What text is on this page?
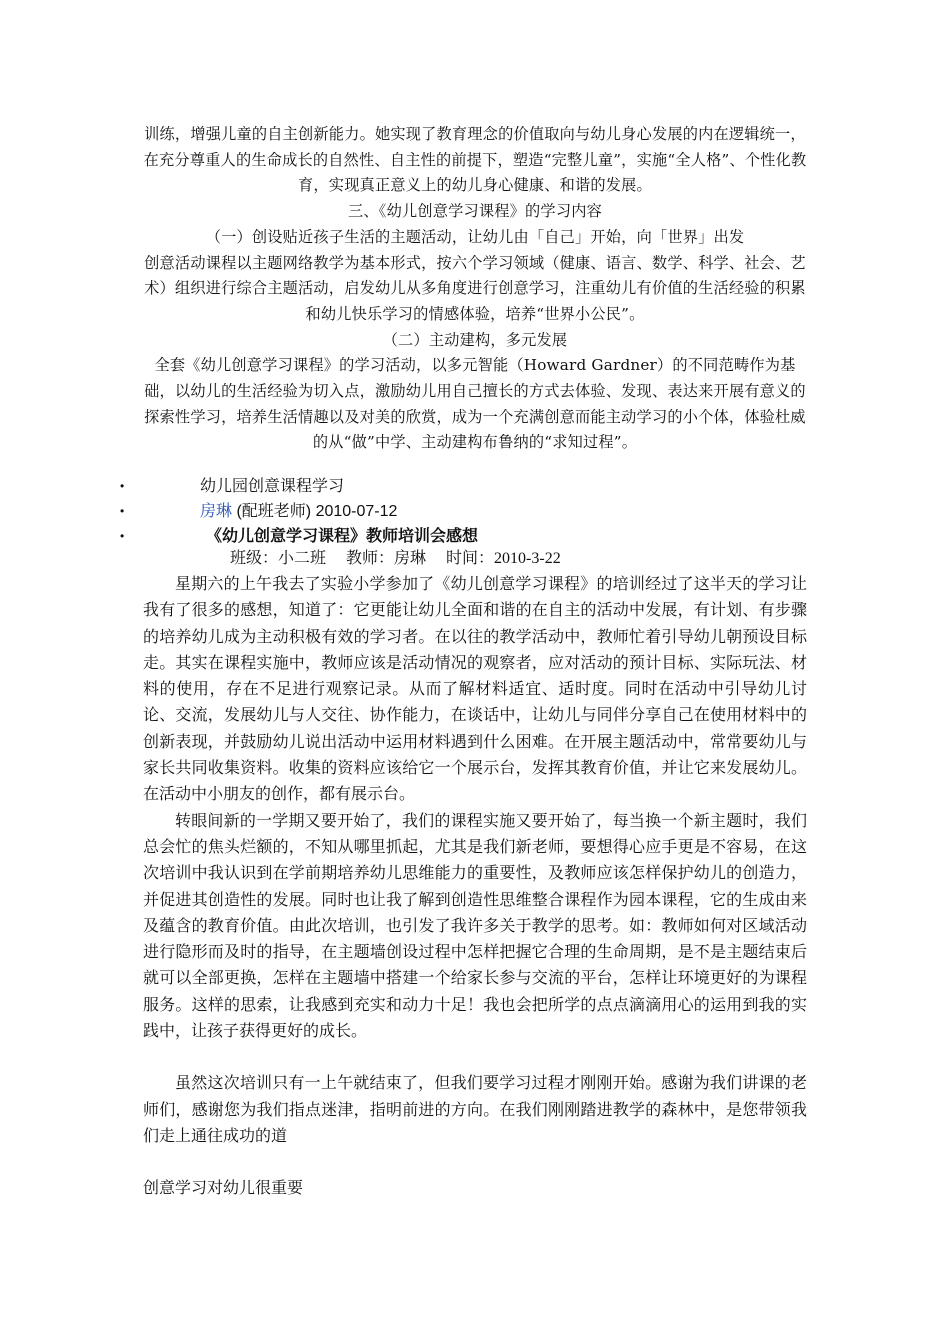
训练，增强儿童的自主创新能力。她实现了教育理念的价值取向与幼儿身心发展的内在逻辑统一，在充分尊重人的生命成长的自然性、自主性的前提下，塑造“完整儿童”，实施“全人格”、个性化教育，实现真正意义上的幼儿身心健康、和谐的发展。

三、《幼儿创意学习课程》的学习内容

（一）创设贴近孩子生活的主题活动，让幼儿由「自己」开始，向「世界」出发

创意活动课程以主题网络教学为基本形式，按六个学习领域（健康、语言、数学、科学、社会、艺术）组织进行综合主题活动，启发幼儿从多角度进行创意学习，注重幼儿有价值的生活经验的积累和幼儿快乐学习的情感体验，培养“世界小公民”。

（二）主动建构，多元发展

全套《幼儿创意学习课程》的学习活动，以多元智能（Howard Gardner）的不同范畴作为基础，以幼儿的生活经验为切入点，激励幼儿用自己擅长的方式去体验、发现、表达来开展有意义的探索性学习，培养生活情趣以及对美的欣赏，成为一个充满创意而能主动学习的小个体，体验杜威的从“做”中学、主动建构布鲁纳的“求知过程”。

•	幼儿园创意课程学习
•	房琳 (配班老师) 2010-07-12
•	《幼儿创意学习课程》教师培训会感想
班级：小二班 教师：房琳 时间：2010-3-22

星期六的上午我去了实验小学参加了《幼儿创意学习课程》的培训经过了这半天的学习让我有了很多的感想，知道了：它更能让幼儿全面和谐的在自主的活动中发展，有计划、有步骤的培养幼儿成为主动积极有效的学习者。在以往的教学活动中，教师忙着引导幼儿朝预设目标走。其实在课程实施中，教师应该是活动情况的观察者，应对活动的预计目标、实际玩法、材料的使用，存在不足进行观察记录。从而了解材料适宜、适时度。同时在活动中引导幼儿讨论、交流，发展幼儿与人交往、协作能力，在谈话中，让幼儿与同伴分享自己在使用材料中的创新表现，并鼓励幼儿说出活动中运用材料遇到什么困难。在开展主题活动中，常常要幼儿与家长共同收集资料。收集的资料应该给它一个展示台，发挥其教育价值，并让它来发展幼儿。在活动中小朋友的创作，都有展示台。

转眼间新的一学期又要开始了，我们的课程实施又要开始了，每当换一个新主题时，我们总会忙的焦头烂额的，不知从哪里抓起，尤其是我们新老师，要想得心应手更是不容易，在这次培训中我认识到在学前期培养幼儿思维能力的重要性，及教师应该怎样保护幼儿的创造力，并促进其创造性的发展。同时也让我了解到创造性思维整合课程作为园本课程，它的生成由来及蕴含的教育价值。由此次培训，也引发了我许多关于教学的思考。如：教师如何对区域活动进行隐形而及时的指导，在主题墙创设过程中怎样把握它合理的生命周期，是不是主题结束后就可以全部更换，怎样在主题墙中搭建一个给家长参与交流的平台，怎样让环境更好的为课程服务。这样的思索，让我感到充实和动力十足！我也会把所学的点点滴滴用心的运用到我的实践中，让孩子获得更好的成长。

虽然这次培训只有一上午就结束了，但我们要学习过程才刚刚开始。感谢为我们讲课的老师们，感谢您为我们指点迷津，指明前进的方向。在我们刚刚踏进教学的森林中，是您带领我们走上通往成功的道

创意学习对幼儿很重要
